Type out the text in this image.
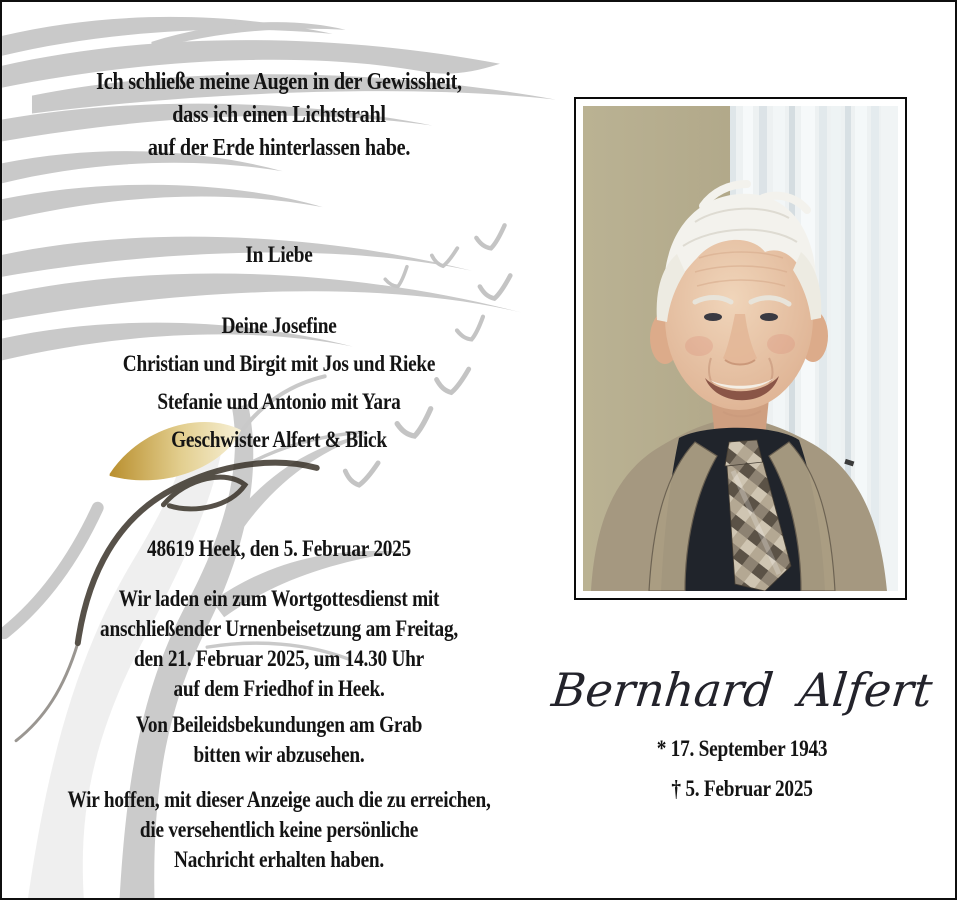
Ich schließe meine Augen in der Gewissheit,
dass ich einen Lichtstrahl
auf der Erde hinterlassen habe.
In Liebe
Deine Josefine
Christian und Birgit mit Jos und Rieke
Stefanie und Antonio mit Yara
Geschwister Alfert & Blick
48619 Heek, den 5. Februar 2025
Wir laden ein zum Wortgottesdienst mit
anschließender Urnenbeisetzung am Freitag,
den 21. Februar 2025, um 14.30 Uhr
auf dem Friedhof in Heek.
Von Beileidsbekundungen am Grab
bitten wir abzusehen.
Wir hoffen, mit dieser Anzeige auch die zu erreichen,
die versehentlich keine persönliche
Nachricht erhalten haben.
Bernhard Alfert
* 17. September 1943
† 5. Februar 2025
